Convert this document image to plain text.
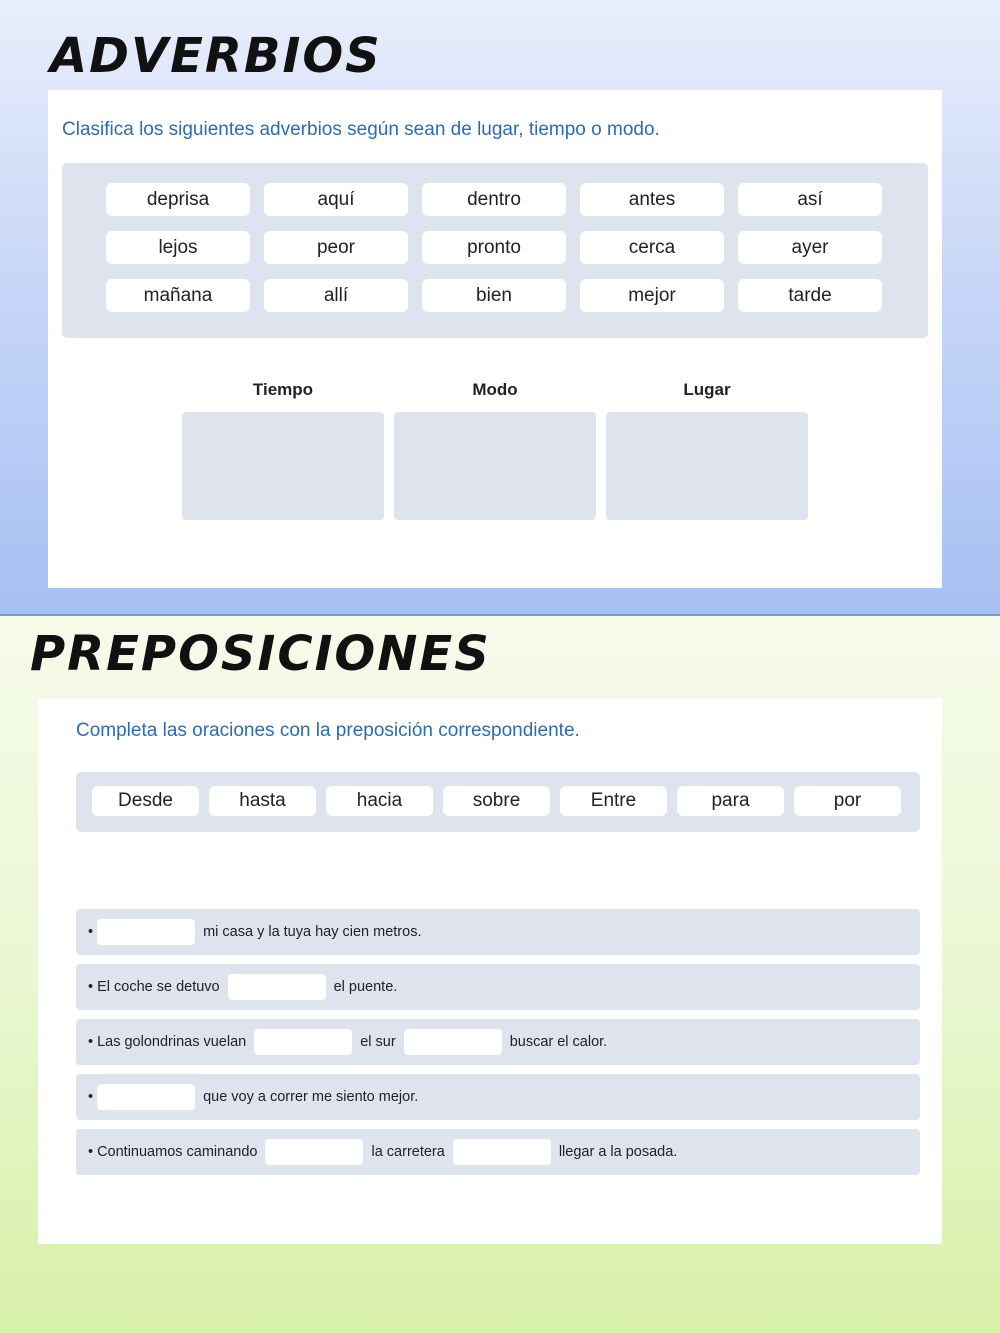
ADVERBIOS
Clasifica los siguientes adverbios según sean de lugar, tiempo o modo.
deprisa	aquí	dentro	antes	así
lejos	peor	pronto	cerca	ayer
mañana	allí	bien	mejor	tarde
Tiempo	Modo	Lugar
PREPOSICIONES
Completa las oraciones con la preposición correspondiente.
Desde	hasta	hacia	sobre	Entre	para	por
•	mi casa y la tuya hay cien metros.
• El coche se detuvo	el puente.
• Las golondrinas vuelan	el sur	buscar el calor.
•	que voy a correr me siento mejor.
• Continuamos caminando	la carretera	llegar a la posada.
